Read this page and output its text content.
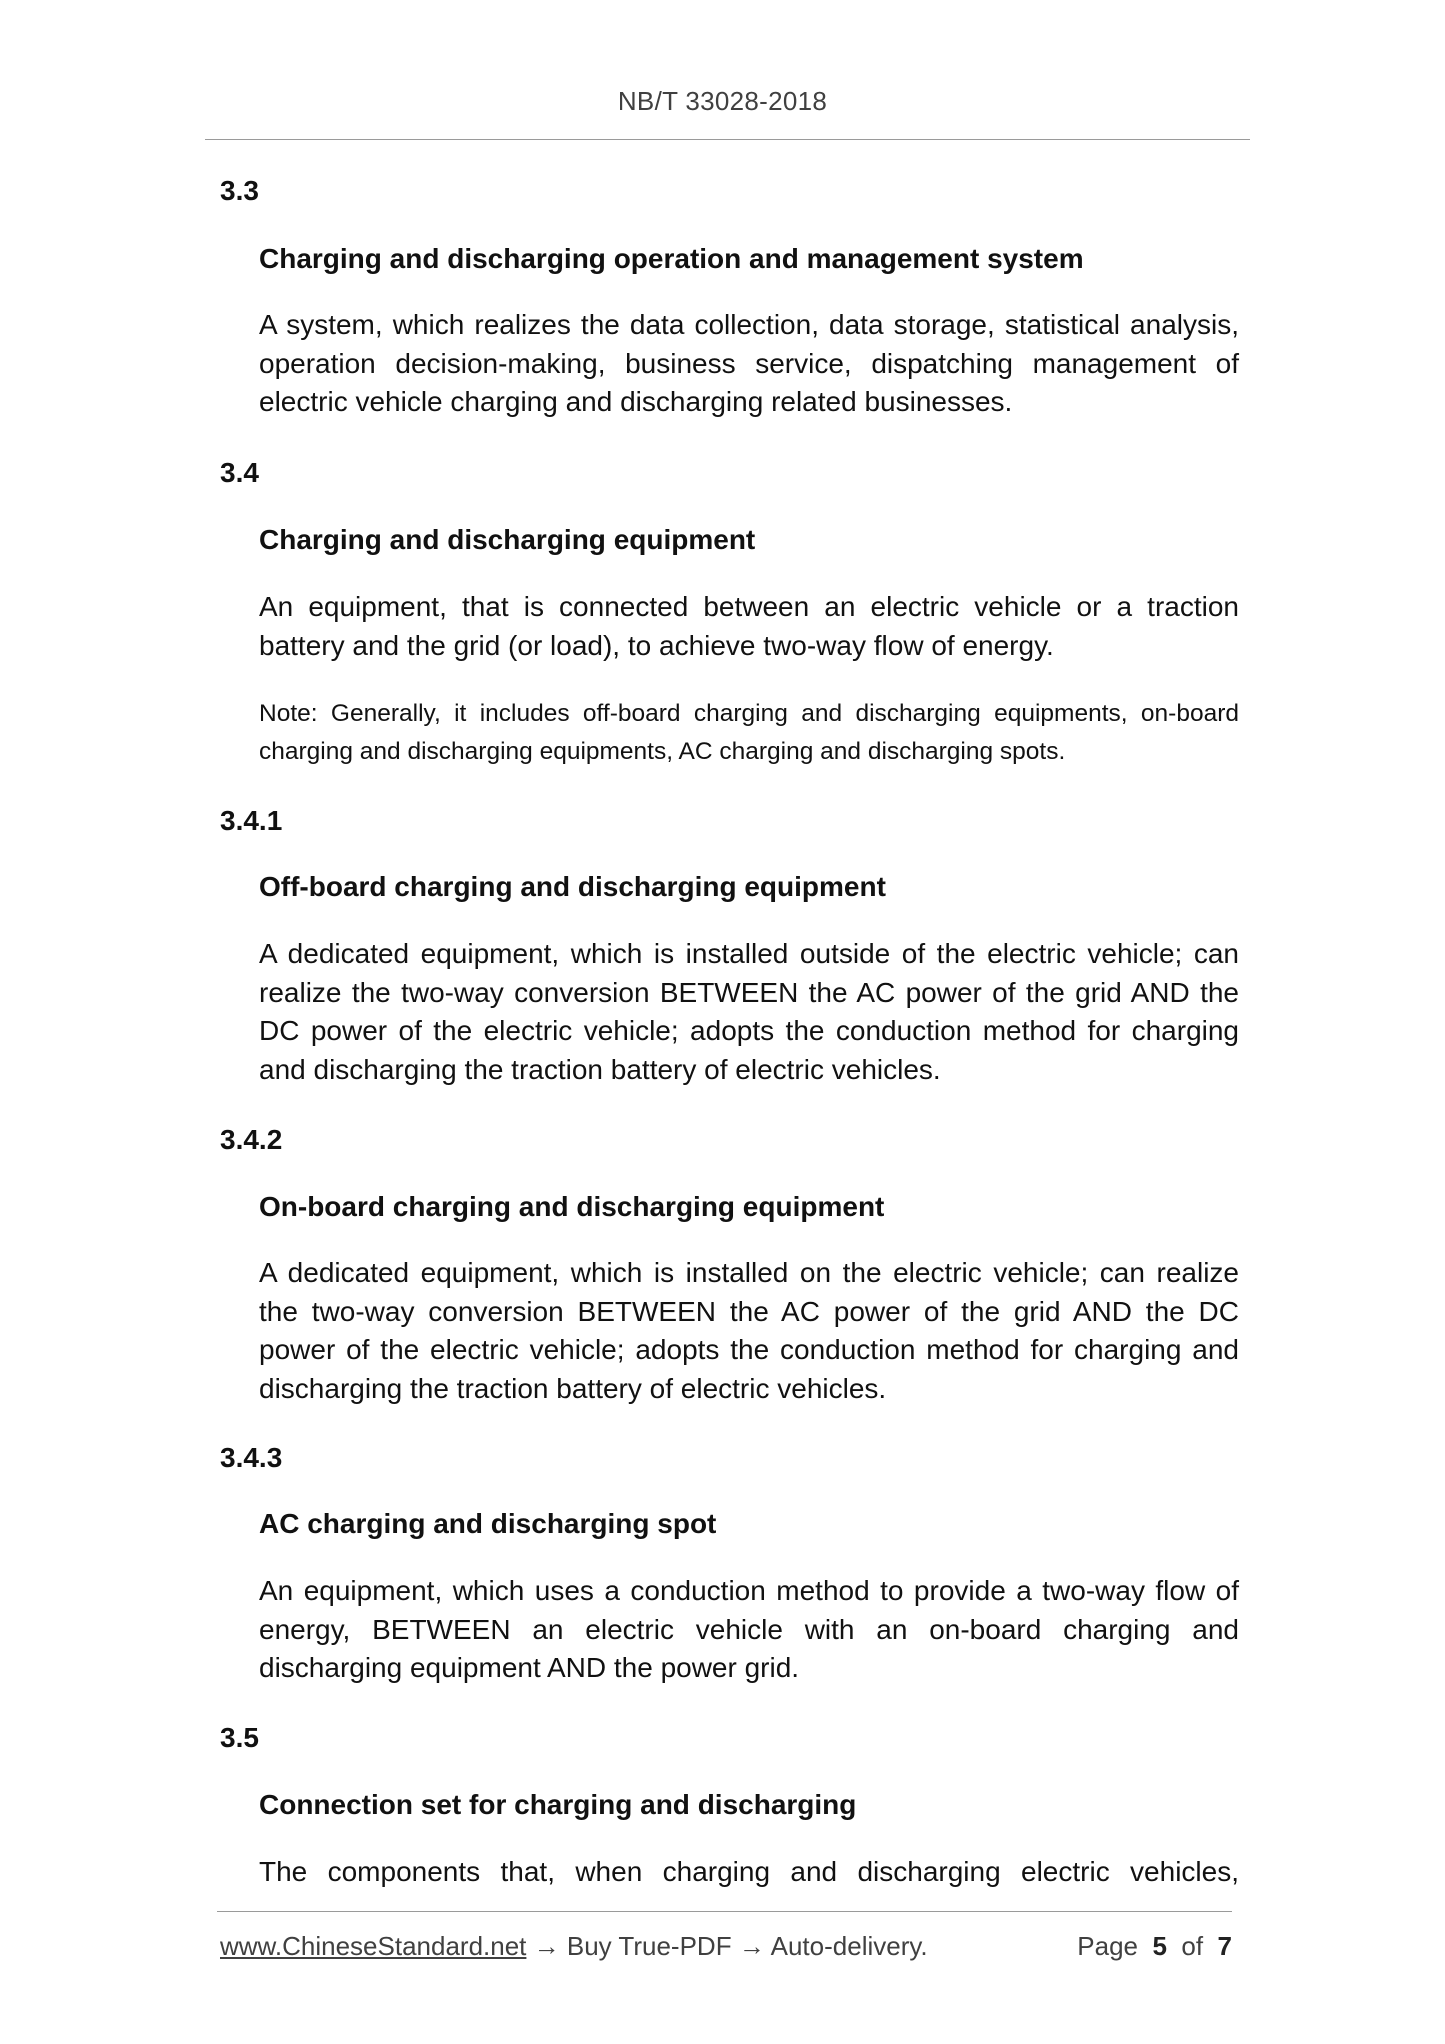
NB/T 33028-2018
3.3
Charging and discharging operation and management system

A system, which realizes the data collection, data storage, statistical analysis, operation decision-making, business service, dispatching management of electric vehicle charging and discharging related businesses.

3.4
Charging and discharging equipment

An equipment, that is connected between an electric vehicle or a traction battery and the grid (or load), to achieve two-way flow of energy.

Note: Generally, it includes off-board charging and discharging equipments, on-board charging and discharging equipments, AC charging and discharging spots.

3.4.1
Off-board charging and discharging equipment

A dedicated equipment, which is installed outside of the electric vehicle; can realize the two-way conversion BETWEEN the AC power of the grid AND the DC power of the electric vehicle; adopts the conduction method for charging and discharging the traction battery of electric vehicles.

3.4.2
On-board charging and discharging equipment

A dedicated equipment, which is installed on the electric vehicle; can realize the two-way conversion BETWEEN the AC power of the grid AND the DC power of the electric vehicle; adopts the conduction method for charging and discharging the traction battery of electric vehicles.

3.4.3
AC charging and discharging spot

An equipment, which uses a conduction method to provide a two-way flow of energy, BETWEEN an electric vehicle with an on-board charging and discharging equipment AND the power grid.

3.5
Connection set for charging and discharging

The components that, when charging and discharging electric vehicles,

www.ChineseStandard.net → Buy True-PDF → Auto-delivery.	Page 5 of 7
